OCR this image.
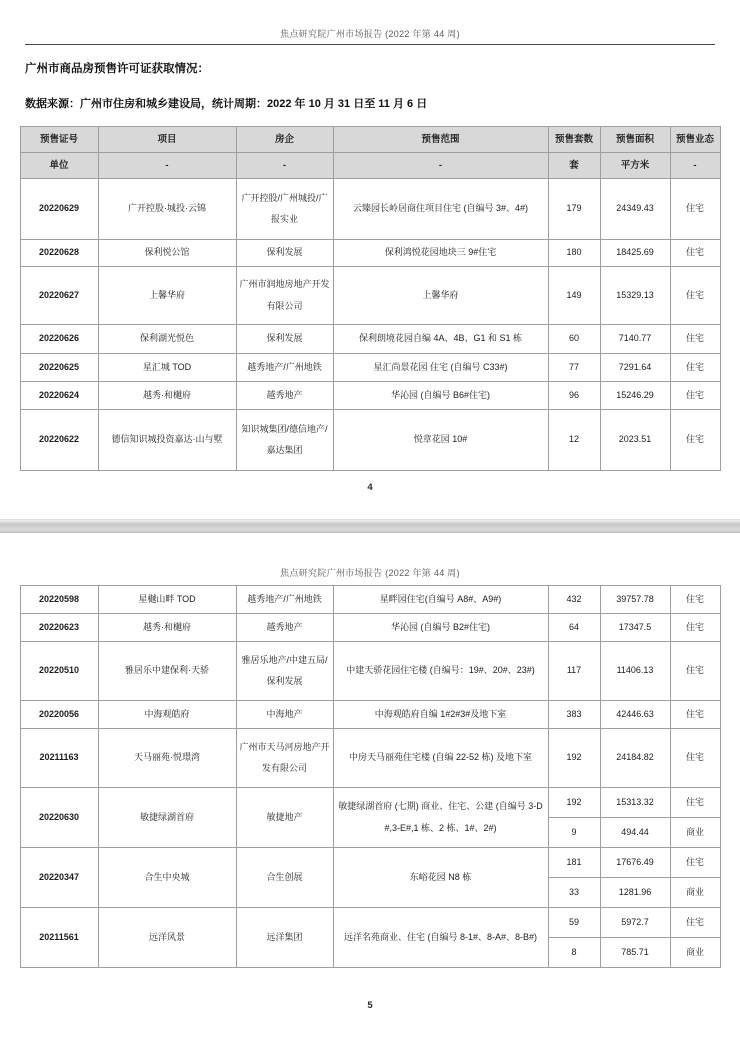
焦点研究院广州市场报告 (2022 年第 44 周)
广州市商品房预售许可证获取情况：
数据来源：广州市住房和城乡建设局，统计周期：2022 年 10 月 31 日至 11 月 6 日
预售证号	项目	房企	预售范围	预售套数	预售面积	预售业态
单位	-	-	-	套	平方米	-
20220629	广开控股·城投·云锦	广开控股/广州城投/广报实业	云臻园长岭居商住项目住宅 (自编号 3#、4#)	179	24349.43	住宅
20220628	保利悦公馆	保利发展	保利鸿悦花园地块三 9#住宅	180	18425.69	住宅
20220627	上馨华府	广州市润地房地产开发有限公司	上馨华府	149	15329.13	住宅
20220626	保利湖光悦色	保利发展	保利朗境花园自编 4A、4B、G1 和 S1 栋	60	7140.77	住宅
20220625	星汇城 TOD	越秀地产/广州地铁	星汇尚景花园 住宅 (自编号 C33#)	77	7291.64	住宅
20220624	越秀·和樾府	越秀地产	华沁园 (自编号 B6#住宅)	96	15246.29	住宅
20220622	德信知识城投资嘉达·山与墅	知识城集团/德信地产/嘉达集团	悦章花园 10#	12	2023.51	住宅
4
焦点研究院广州市场报告 (2022 年第 44 周)
20220598	星樾山畔 TOD	越秀地产/广州地铁	星畔园住宅(自编号 A8#、A9#)	432	39757.78	住宅
20220623	越秀·和樾府	越秀地产	华沁园 (自编号 B2#住宅)	64	17347.5	住宅
20220510	雅居乐中建保利·天骄	雅居乐地产/中建五局/保利发展	中建天骄花园住宅楼 (自编号：19#、20#、23#)	117	11406.13	住宅
20220056	中海观皓府	中海地产	中海观皓府自编 1#2#3#及地下室	383	42446.63	住宅
20211163	天马丽苑·悦璟湾	广州市天马河房地产开发有限公司	中房天马丽苑住宅楼 (自编 22-52 栋) 及地下室	192	24184.82	住宅
20220630	敏捷绿湖首府	敏捷地产	敏捷绿湖首府 (七期) 商业、住宅、公建 (自编号 3-D#,3-E#,1 栋、2 栋、1#、2#)	192	15313.32	住宅
				9	494.44	商业
20220347	合生中央城	合生创展	东峪花园 N8 栋	181	17676.49	住宅
				33	1281.96	商业
20211561	远洋风景	远洋集团	远洋名苑商业、住宅 (自编号 8-1#、8-A#、8-B#)	59	5972.7	住宅
				8	785.71	商业
5
